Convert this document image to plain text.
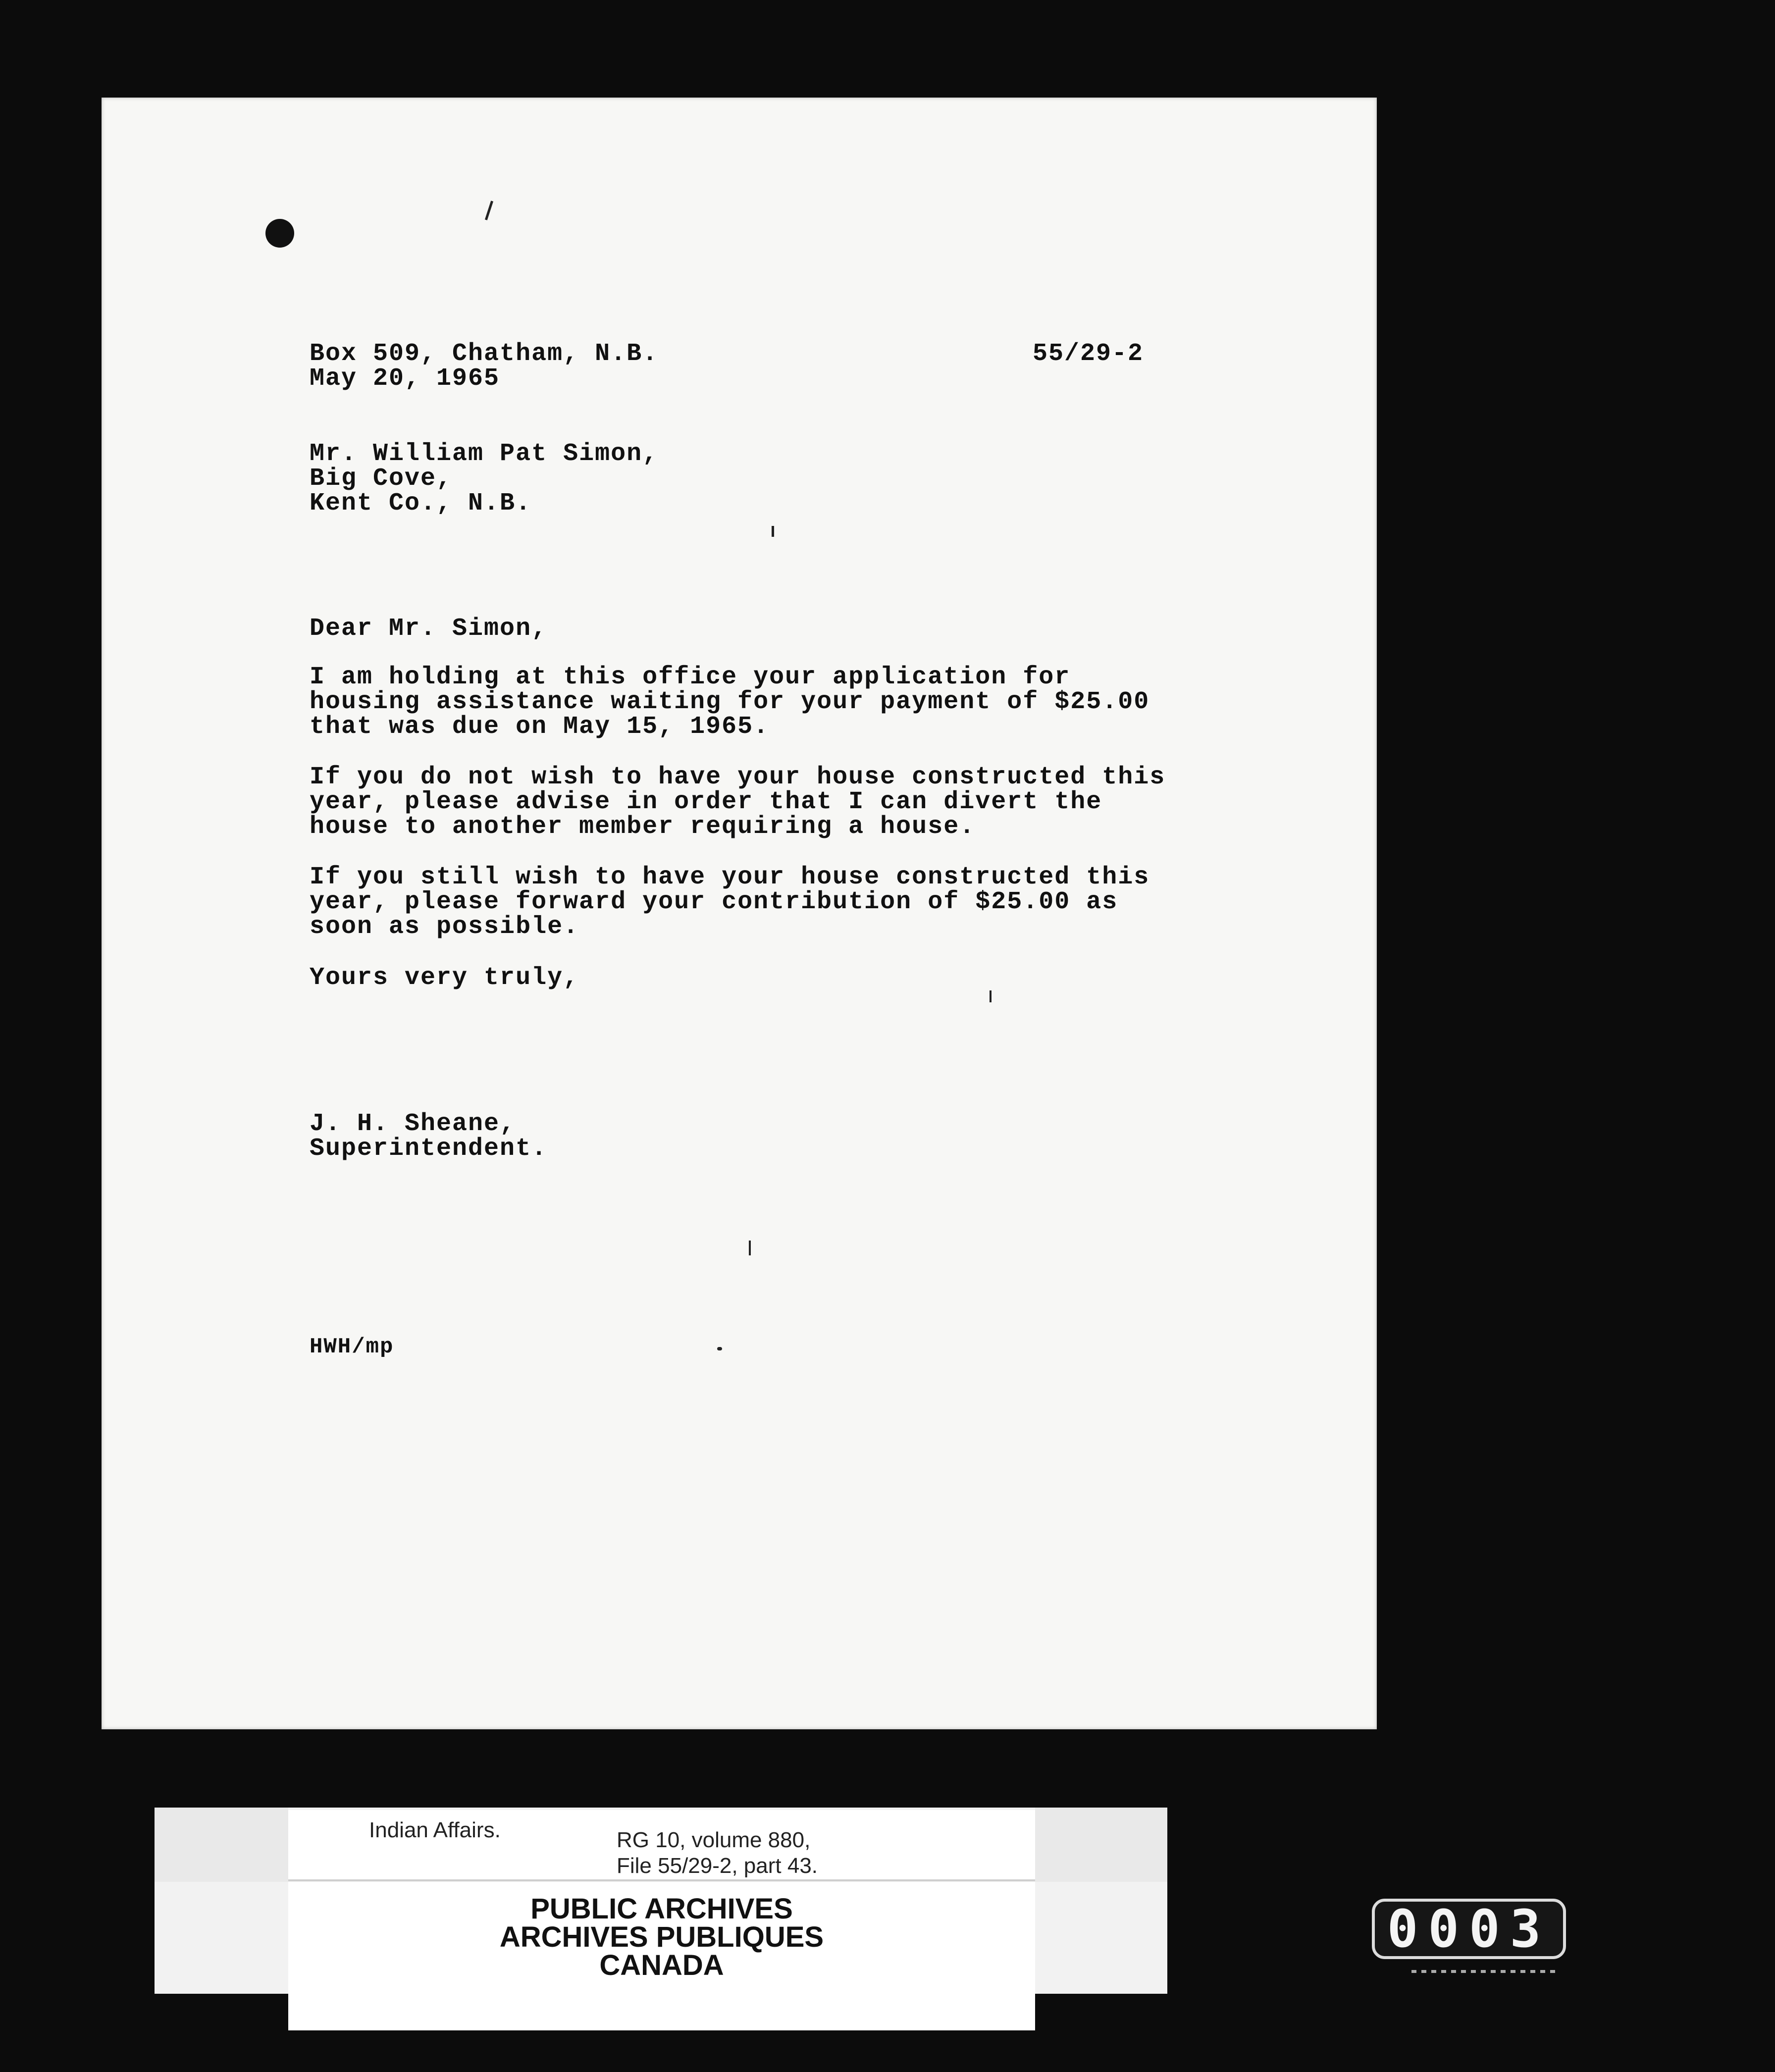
Box 509, Chatham, N.B.
May 20, 1965
55/29-2
Mr. William Pat Simon,
Big Cove,
Kent Co., N.B.
Dear Mr. Simon,
I am holding at this office your application for
housing assistance waiting for your payment of $25.00
that was due on May 15, 1965.
If you do not wish to have your house constructed this
year, please advise in order that I can divert the
house to another member requiring a house.
If you still wish to have your house constructed this
year, please forward your contribution of $25.00 as
soon as possible.
Yours very truly,
J. H. Sheane,
Superintendent.
HWH/mp
Indian Affairs.	RG 10, volume 880,
File 55/29-2, part 43.
PUBLIC ARCHIVES
ARCHIVES PUBLIQUES
CANADA
0003
